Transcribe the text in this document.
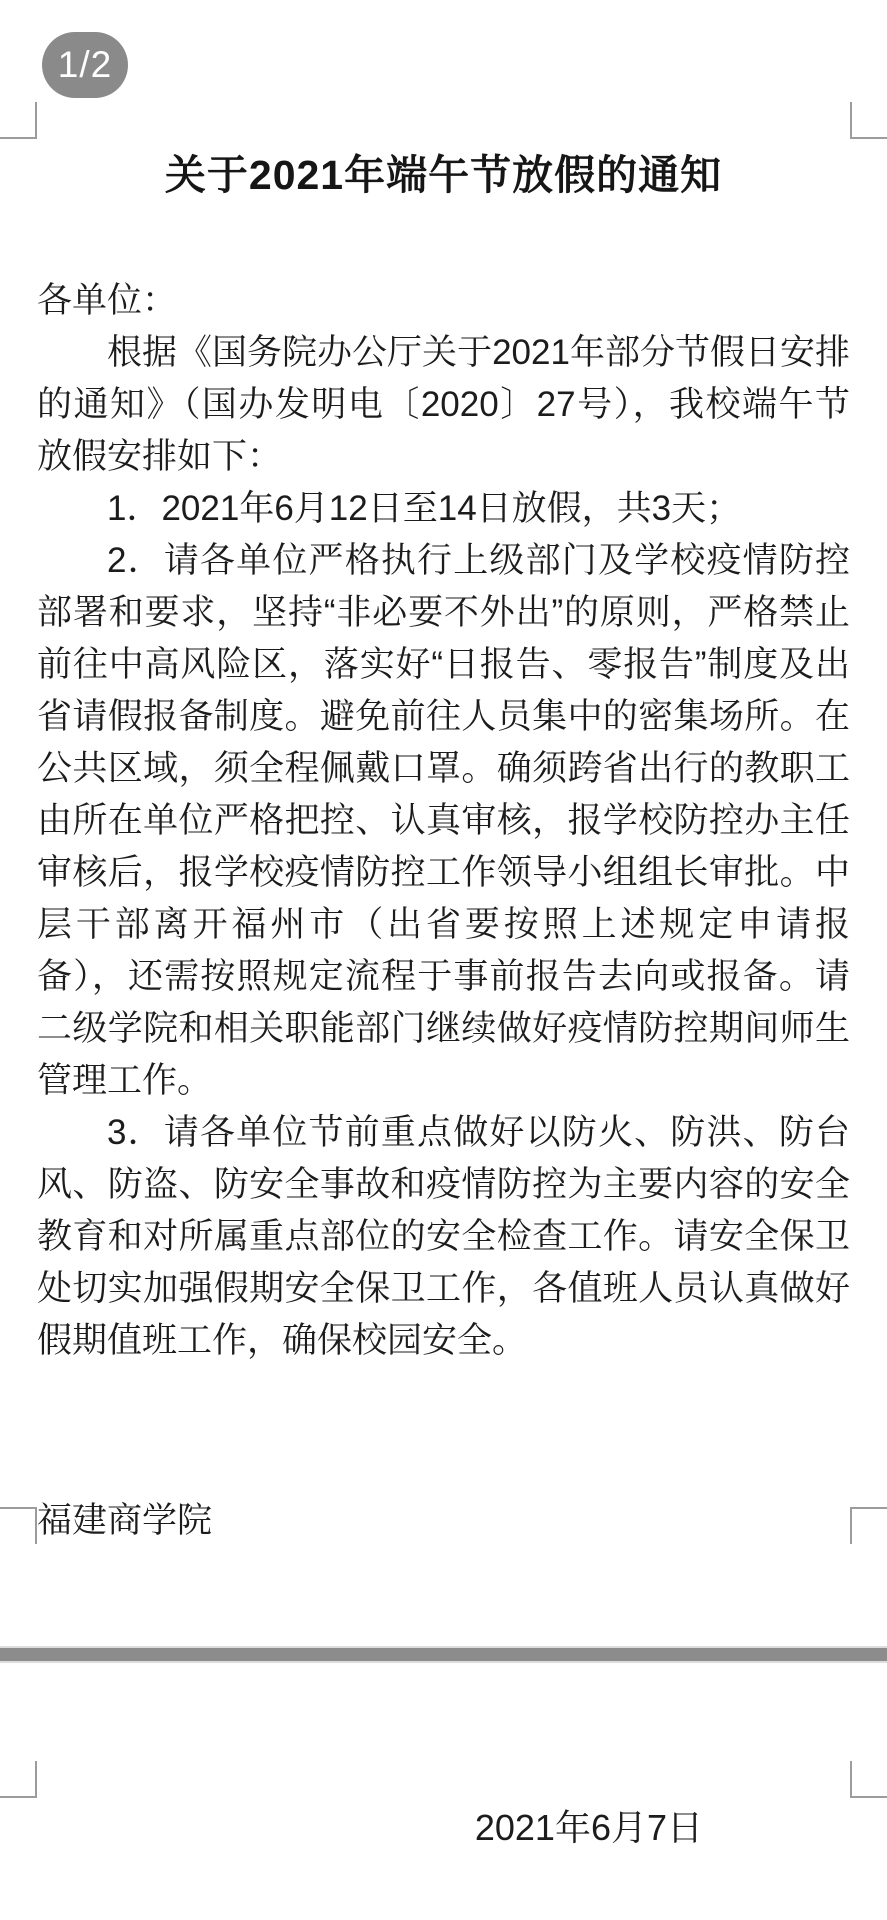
1/2
关于2021年端午节放假的通知

各单位：

根据《国务院办公厅关于2021年部分节假日安排的通知》（国办发明电〔2020〕27号），我校端午节放假安排如下：

1．2021年6月12日至14日放假，共3天；

2．请各单位严格执行上级部门及学校疫情防控部署和要求，坚持“非必要不外出”的原则，严格禁止前往中高风险区，落实好“日报告、零报告”制度及出省请假报备制度。避免前往人员集中的密集场所。在公共区域，须全程佩戴口罩。确须跨省出行的教职工由所在单位严格把控、认真审核，报学校防控办主任审核后，报学校疫情防控工作领导小组组长审批。中层干部离开福州市（出省要按照上述规定申请报备），还需按照规定流程于事前报告去向或报备。请二级学院和相关职能部门继续做好疫情防控期间师生管理工作。

3．请各单位节前重点做好以防火、防洪、防台风、防盗、防安全事故和疫情防控为主要内容的安全教育和对所属重点部位的安全检查工作。请安全保卫处切实加强假期安全保卫工作，各值班人员认真做好假期值班工作，确保校园安全。

福建商学院

2021年6月7日
